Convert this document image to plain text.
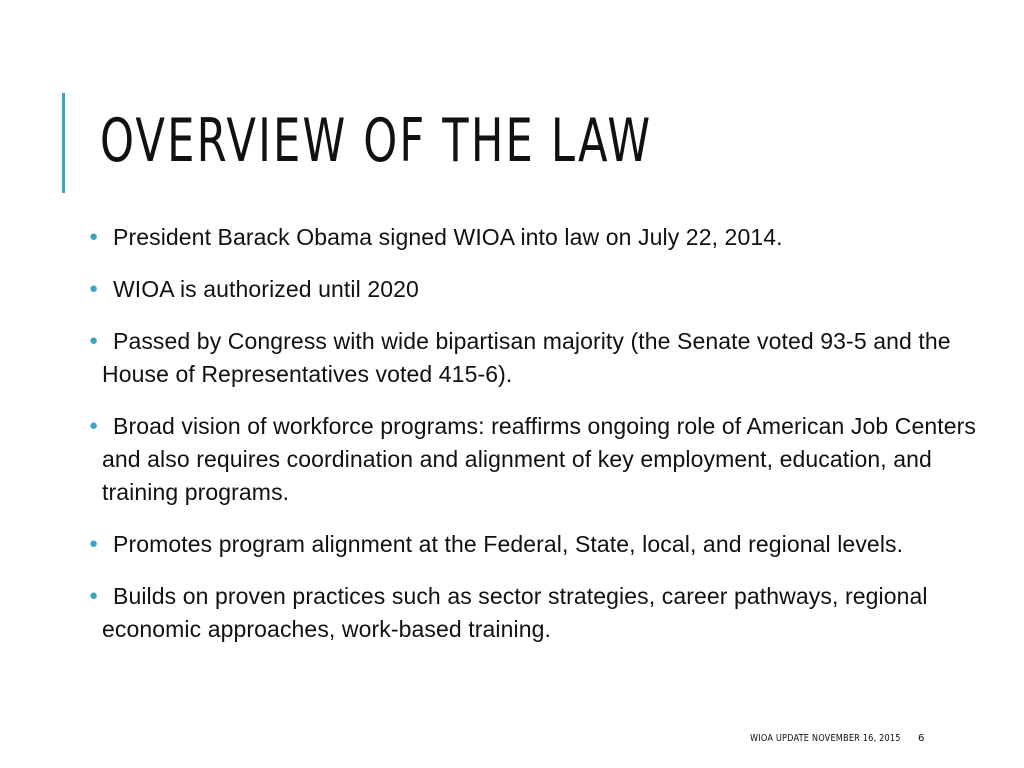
OVERVIEW OF THE LAW
● President Barack Obama signed WIOA into law on July 22, 2014.
● WIOA is authorized until 2020
● Passed by Congress with wide bipartisan majority (the Senate voted 93-5 and the House of Representatives voted 415-6).
● Broad vision of workforce programs: reaffirms ongoing role of American Job Centers and also requires coordination and alignment of key employment, education, and training programs.
● Promotes program alignment at the Federal, State, local, and regional levels.
● Builds on proven practices such as sector strategies, career pathways, regional economic approaches, work-based training.
WIOA UPDATE NOVEMBER 16, 2015 6
